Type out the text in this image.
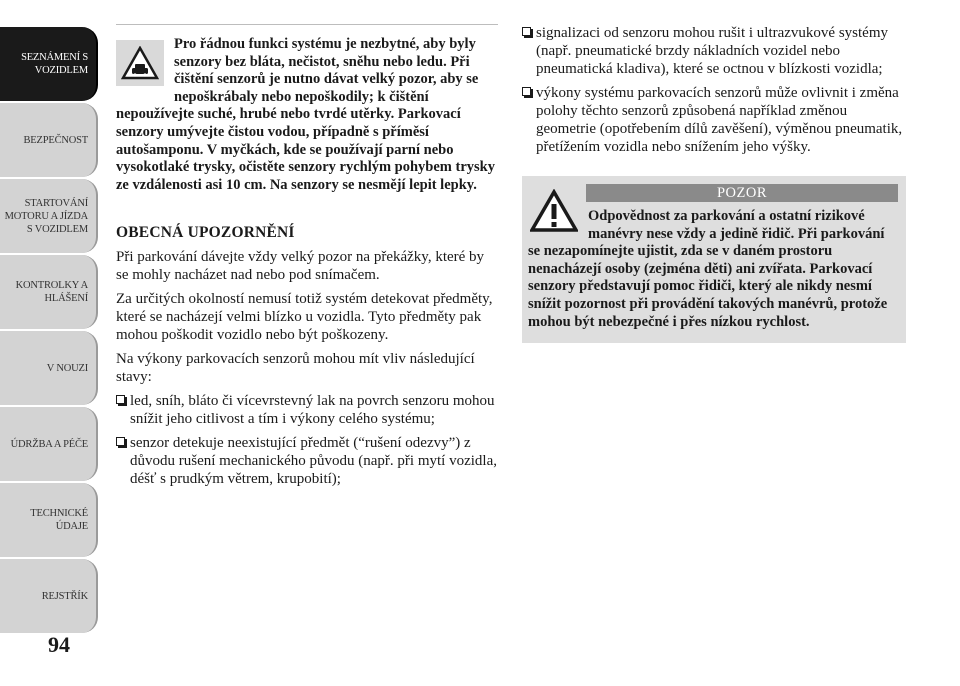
SEZNÁMENÍ S
VOZIDLEM
BEZPEČNOST
STARTOVÁNÍ
MOTORU A JÍZDA
S VOZIDLEM
KONTROLKY A
HLÁŠENÍ
V NOUZI
ÚDRŽBA A PÉČE
TECHNICKÉ
ÚDAJE
REJSTŘÍK
94
Pro řádnou funkci systému je nezbytné, aby byly senzory bez bláta, nečistot, sněhu nebo ledu. Při čištění senzorů je nutno dávat velký pozor, aby se nepoškrábaly nebo nepoškodily; k čištění nepoužívejte suché, hrubé nebo tvrdé utěrky. Parkovací senzory umývejte čistou vodou, případně s příměsí autošamponu. V myčkách, kde se používají parní nebo vysokotlaké trysky, očistěte senzory rychlým pohybem trysky ze vzdálenosti asi 10 cm. Na senzory se nesmějí lepit lepky.
OBECNÁ UPOZORNĚNÍ

Při parkování dávejte vždy velký pozor na překážky, které by se mohly nacházet nad nebo pod snímačem.

Za určitých okolností nemusí totiž systém detekovat předměty, které se nacházejí velmi blízko u vozidla. Tyto předměty pak mohou poškodit vozidlo nebo být poškozeny.

Na výkony parkovacích senzorů mohou mít vliv následující stavy:

led, sníh, bláto či vícevrstevný lak na povrch senzoru mohou snížit jeho citlivost a tím i výkony celého systému;
senzor detekuje neexistující předmět (“rušení odezvy”) z důvodu rušení mechanického původu (např. při mytí vozidla, déšť s prudkým větrem, krupobití);
signalizaci od senzoru mohou rušit i ultrazvukové systémy (např. pneumatické brzdy nákladních vozidel nebo pneumatická kladiva), které se octnou v blízkosti vozidla;
výkony systému parkovacích senzorů může ovlivnit i změna polohy těchto senzorů způsobená například změnou geometrie (opotřebením dílů zavěšení), výměnou pneumatik, přetížením vozidla nebo snížením jeho výšky.
POZOR
Odpovědnost za parkování a ostatní rizikové manévry nese vždy a jedině řidič. Při parkování se nezapomínejte ujistit, zda se v daném prostoru nenacházejí osoby (zejména děti) ani zvířata. Parkovací senzory představují pomoc řidiči, který ale nikdy nesmí snížit pozornost při provádění takových manévrů, protože mohou být nebezpečné i přes nízkou rychlost.
